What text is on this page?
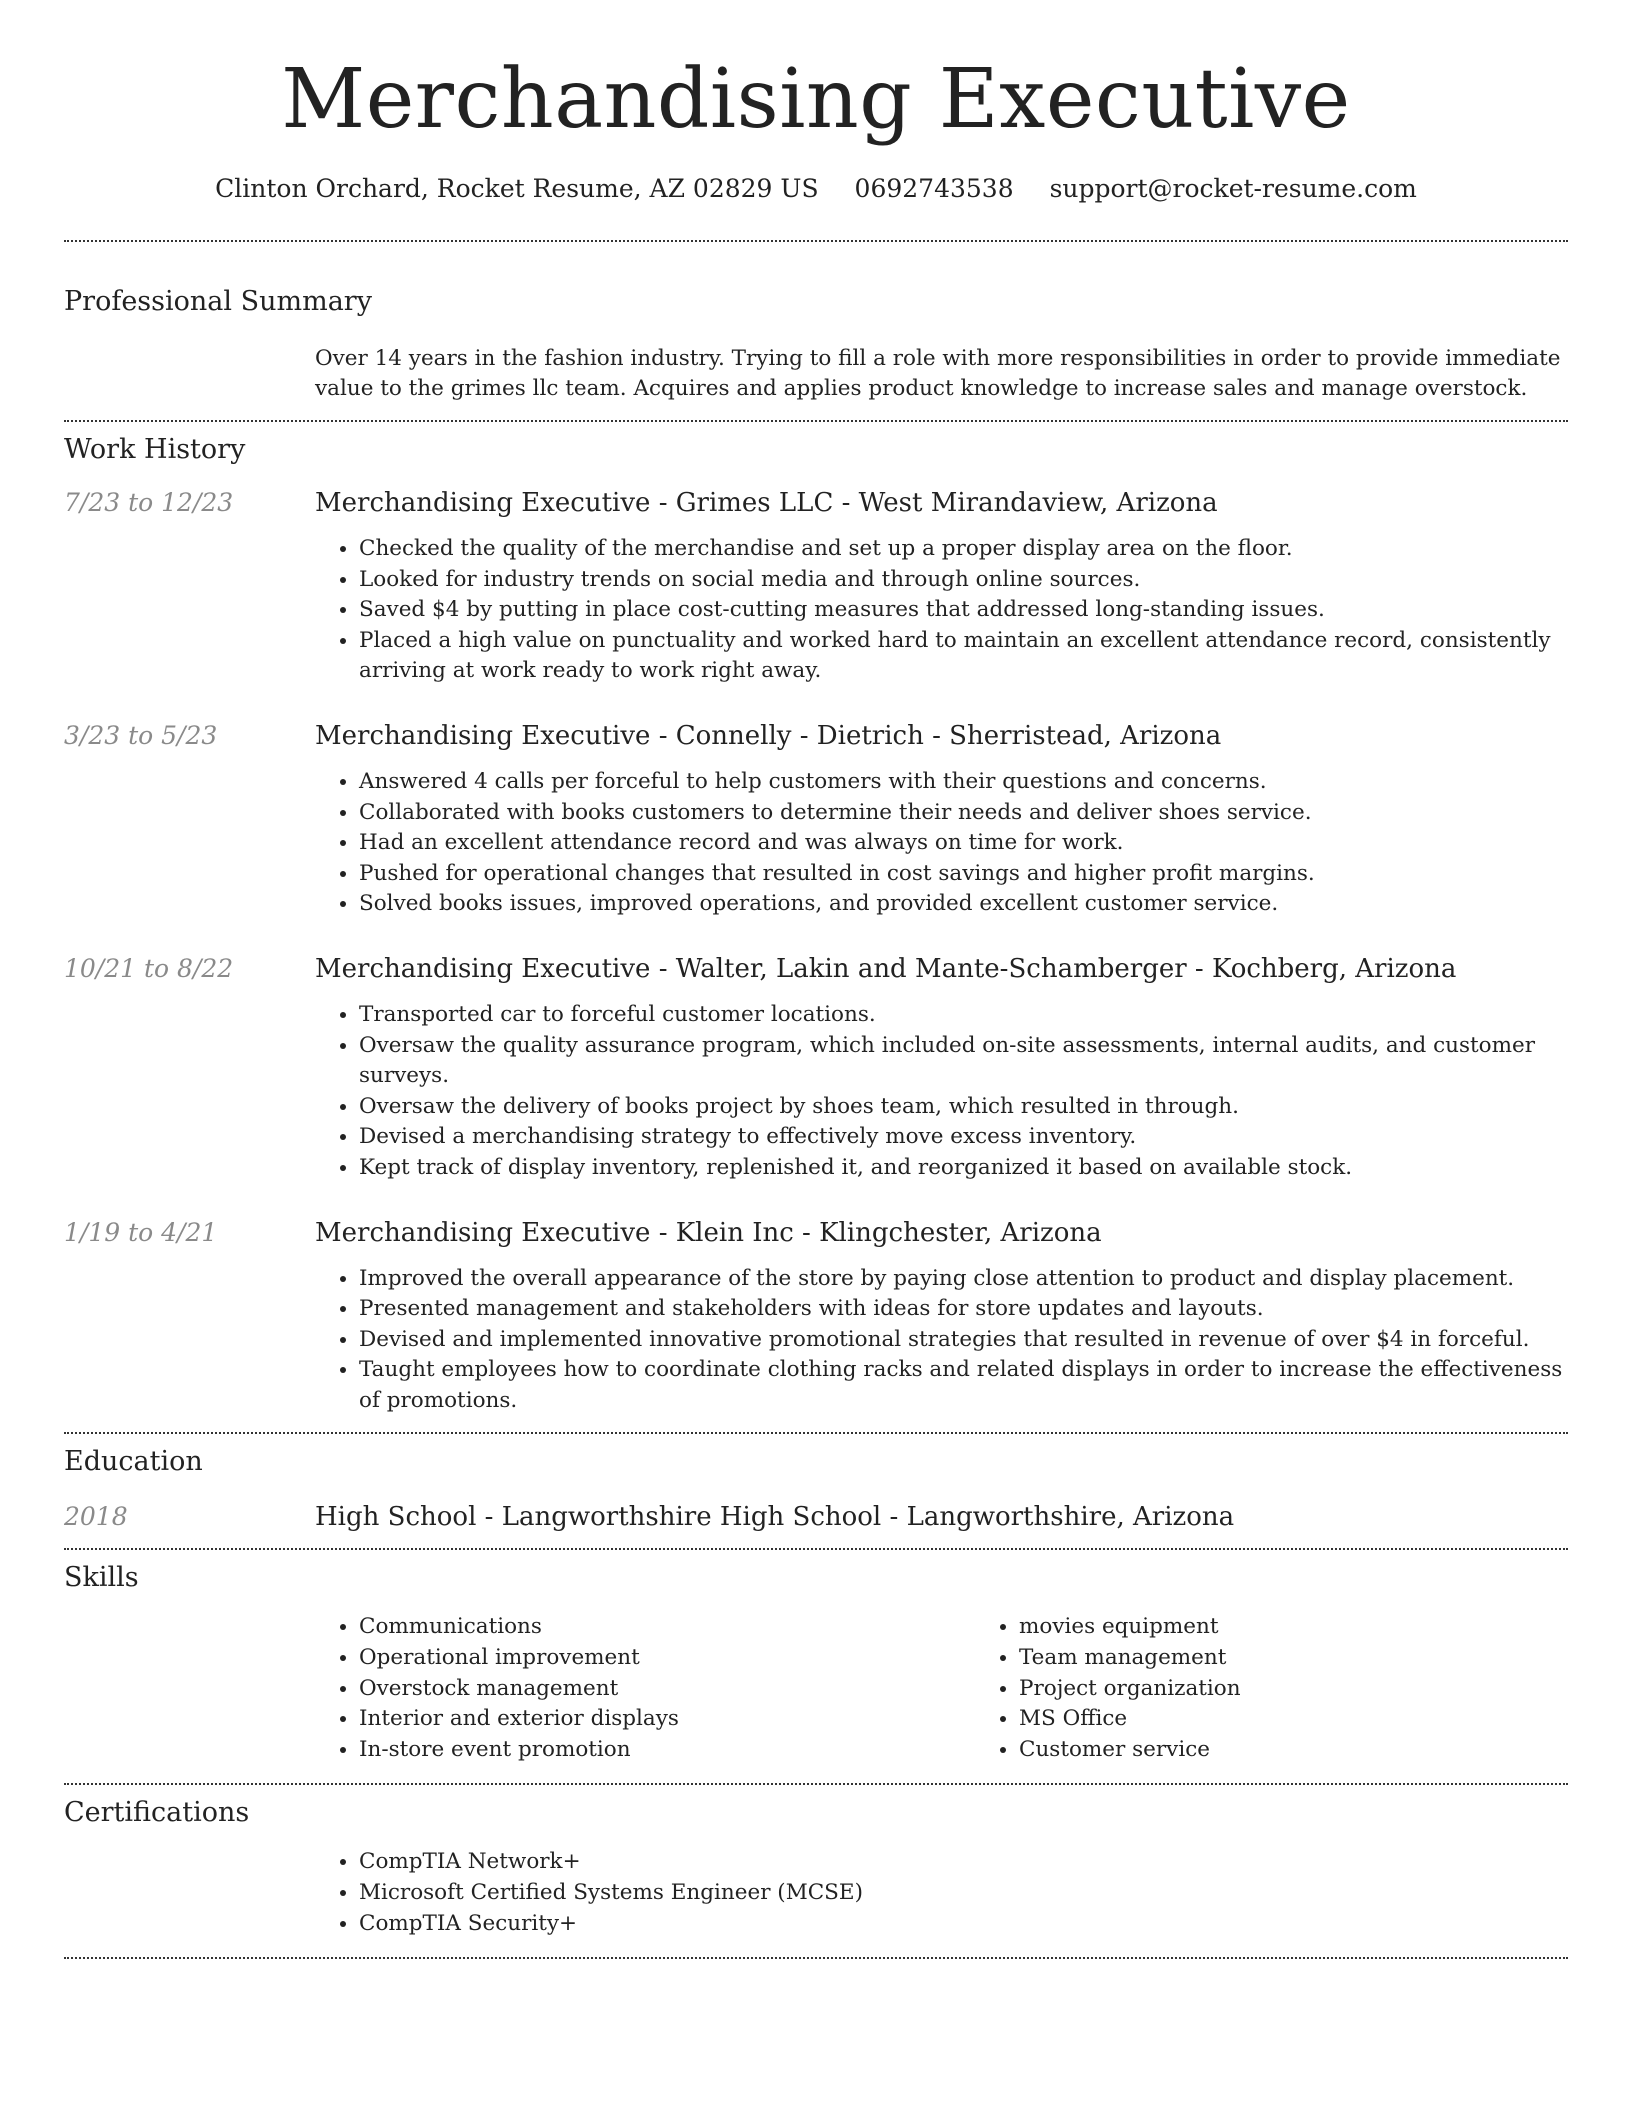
Merchandising Executive
Clinton Orchard, Rocket Resume, AZ 02829 US 0692743538 support@rocket-resume.com
Professional Summary
Over 14 years in the fashion industry. Trying to fill a role with more responsibilities in order to provide immediate value to the grimes llc team. Acquires and applies product knowledge to increase sales and manage overstock.
Work History
7/23 to 12/23	Merchandising Executive - Grimes LLC - West Mirandaview, Arizona
• Checked the quality of the merchandise and set up a proper display area on the floor.
• Looked for industry trends on social media and through online sources.
• Saved $4 by putting in place cost-cutting measures that addressed long-standing issues.
• Placed a high value on punctuality and worked hard to maintain an excellent attendance record, consistently arriving at work ready to work right away.
3/23 to 5/23	Merchandising Executive - Connelly - Dietrich - Sherristead, Arizona
• Answered 4 calls per forceful to help customers with their questions and concerns.
• Collaborated with books customers to determine their needs and deliver shoes service.
• Had an excellent attendance record and was always on time for work.
• Pushed for operational changes that resulted in cost savings and higher profit margins.
• Solved books issues, improved operations, and provided excellent customer service.
10/21 to 8/22	Merchandising Executive - Walter, Lakin and Mante-Schamberger - Kochberg, Arizona
• Transported car to forceful customer locations.
• Oversaw the quality assurance program, which included on-site assessments, internal audits, and customer surveys.
• Oversaw the delivery of books project by shoes team, which resulted in through.
• Devised a merchandising strategy to effectively move excess inventory.
• Kept track of display inventory, replenished it, and reorganized it based on available stock.
1/19 to 4/21	Merchandising Executive - Klein Inc - Klingchester, Arizona
• Improved the overall appearance of the store by paying close attention to product and display placement.
• Presented management and stakeholders with ideas for store updates and layouts.
• Devised and implemented innovative promotional strategies that resulted in revenue of over $4 in forceful.
• Taught employees how to coordinate clothing racks and related displays in order to increase the effectiveness of promotions.
Education
2018	High School - Langworthshire High School - Langworthshire, Arizona
Skills
• Communications
• Operational improvement
• Overstock management
• Interior and exterior displays
• In-store event promotion
• movies equipment
• Team management
• Project organization
• MS Office
• Customer service
Certifications
• CompTIA Network+
• Microsoft Certified Systems Engineer (MCSE)
• CompTIA Security+
